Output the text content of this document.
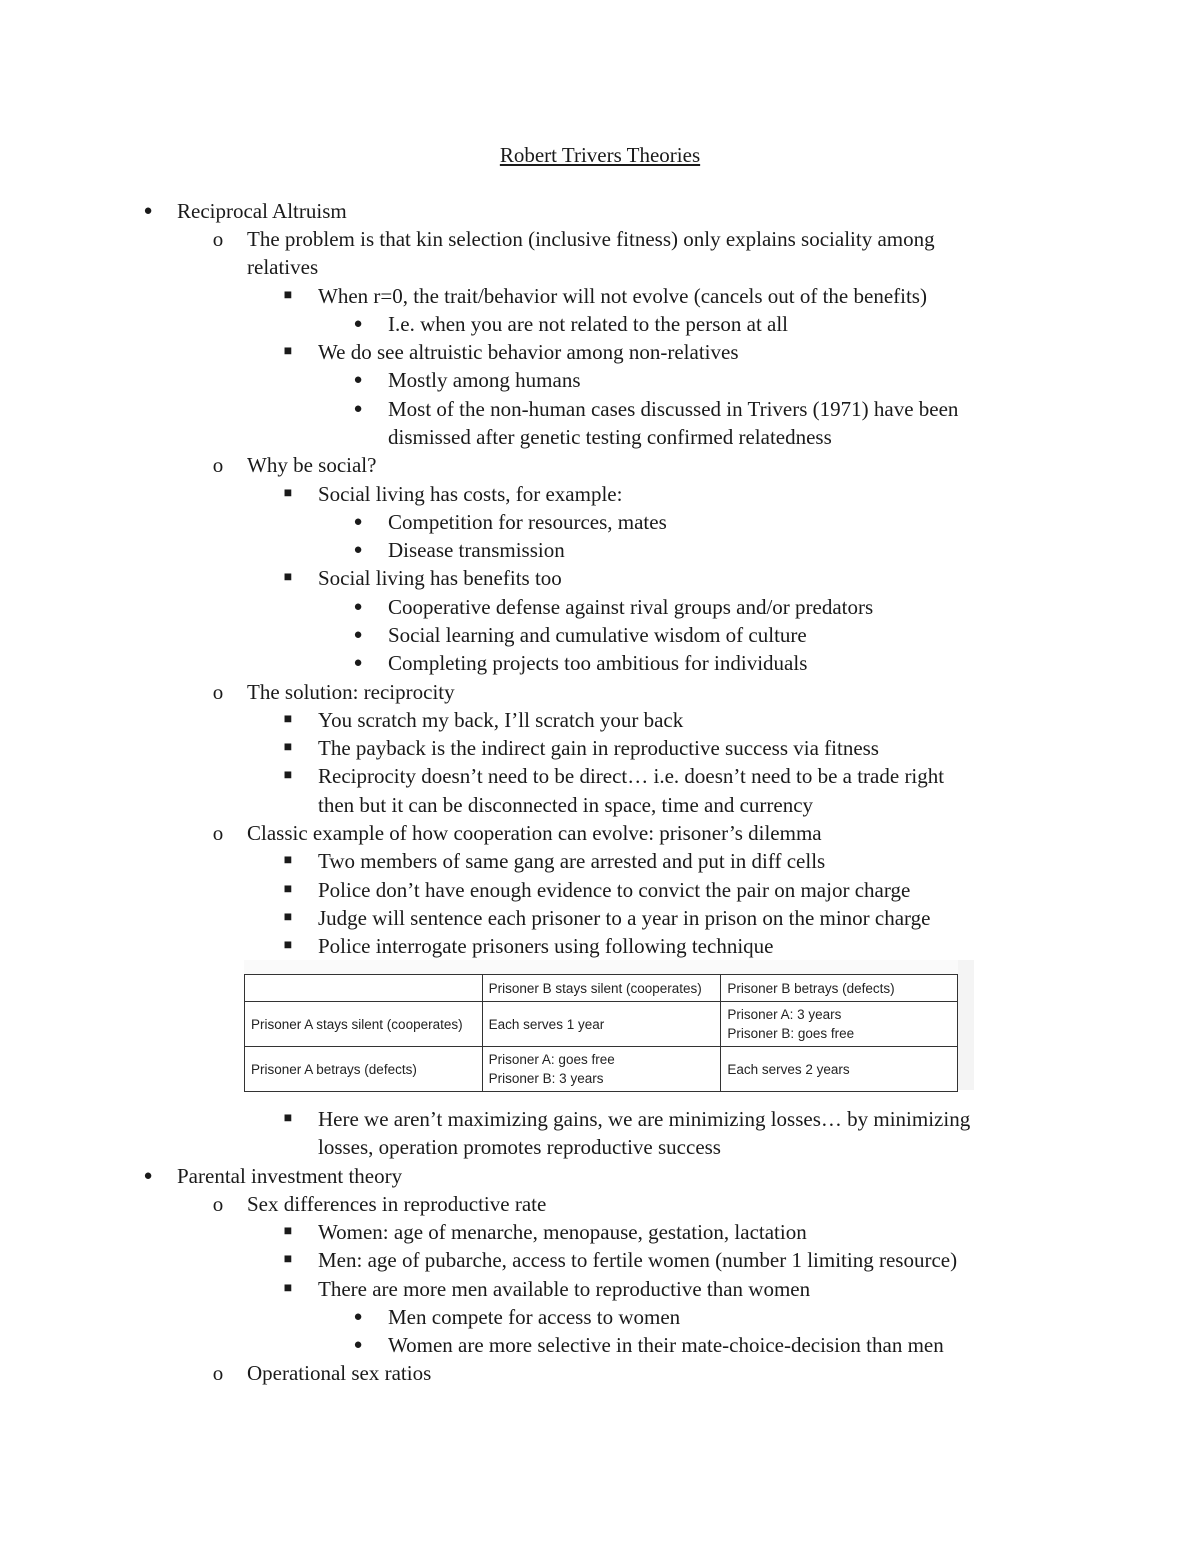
Robert Trivers Theories
● Reciprocal Altruism
o The problem is that kin selection (inclusive fitness) only explains sociality among
relatives
■ When r=0, the trait/behavior will not evolve (cancels out of the benefits)
● I.e. when you are not related to the person at all
■ We do see altruistic behavior among non-relatives
● Mostly among humans
● Most of the non-human cases discussed in Trivers (1971) have been
dismissed after genetic testing confirmed relatedness
o Why be social?
■ Social living has costs, for example:
● Competition for resources, mates
● Disease transmission
■ Social living has benefits too
● Cooperative defense against rival groups and/or predators
● Social learning and cumulative wisdom of culture
● Completing projects too ambitious for individuals
o The solution: reciprocity
■ You scratch my back, I’ll scratch your back
■ The payback is the indirect gain in reproductive success via fitness
■ Reciprocity doesn’t need to be direct… i.e. doesn’t need to be a trade right
then but it can be disconnected in space, time and currency
o Classic example of how cooperation can evolve: prisoner’s dilemma
■ Two members of same gang are arrested and put in diff cells
■ Police don’t have enough evidence to convict the pair on major charge
■ Judge will sentence each prisoner to a year in prison on the minor charge
■ Police interrogate prisoners using following technique
	Prisoner B stays silent (cooperates)	Prisoner B betrays (defects)
Prisoner A stays silent (cooperates)	Each serves 1 year	Prisoner A: 3 years
Prisoner B: goes free

Prisoner A betrays (defects)	Prisoner A: goes free
Prisoner B: 3 years	Each serves 2 years
■ Here we aren’t maximizing gains, we are minimizing losses… by minimizing
losses, operation promotes reproductive success
● Parental investment theory
o Sex differences in reproductive rate
■ Women: age of menarche, menopause, gestation, lactation
■ Men: age of pubarche, access to fertile women (number 1 limiting resource)
■ There are more men available to reproductive than women
● Men compete for access to women
● Women are more selective in their mate-choice-decision than men
o Operational sex ratios
